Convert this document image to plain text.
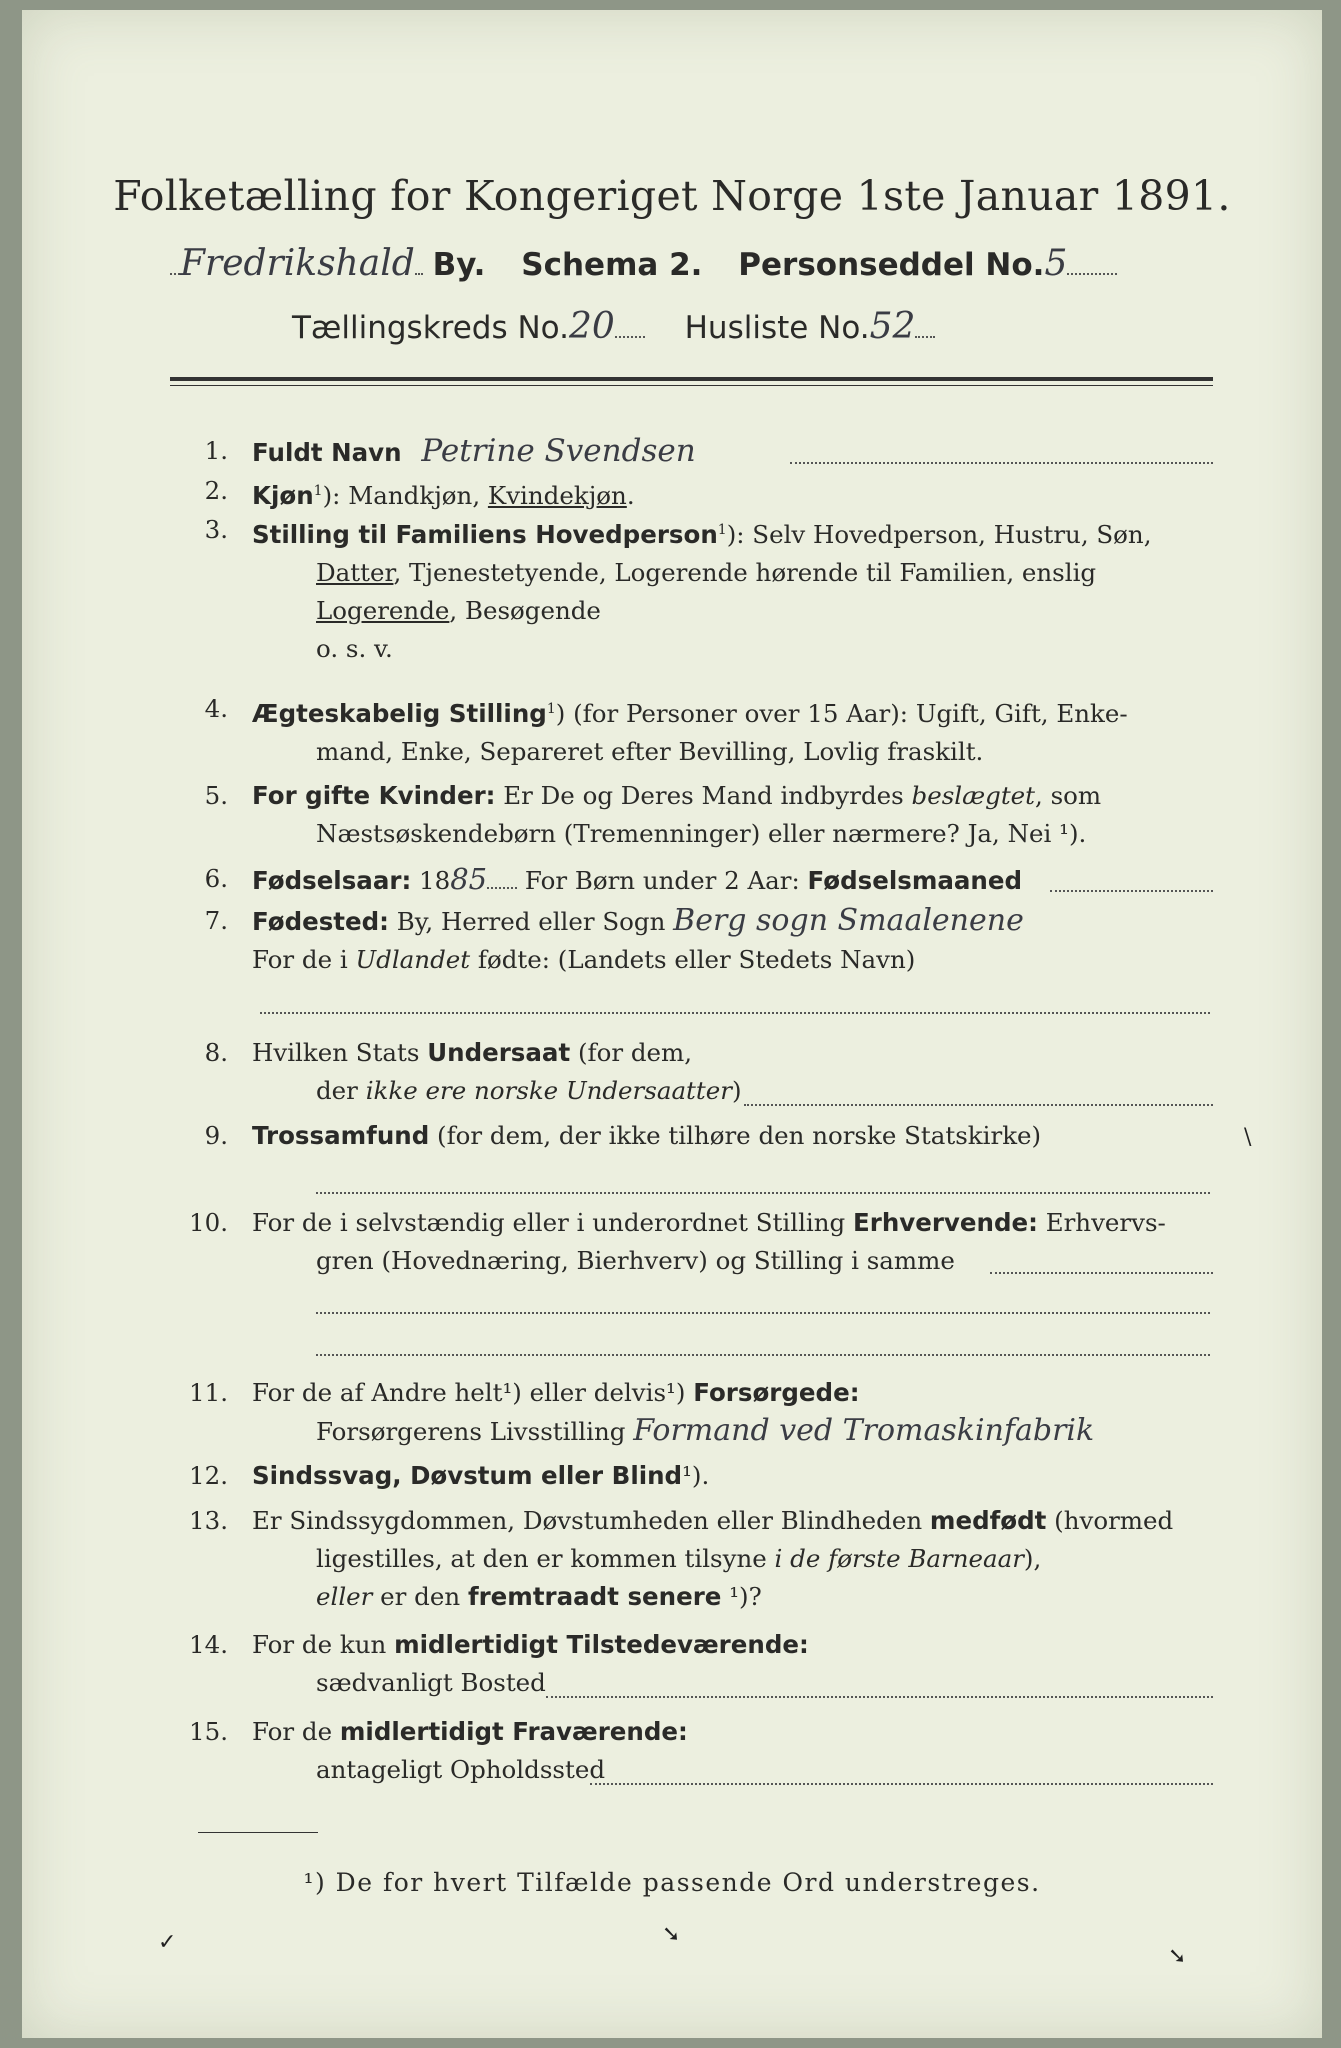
Folketælling for Kongeriget Norge 1ste Januar 1891.
Fredrikshald By. Schema 2. Personseddel No.5
Tællingskreds No.20 Husliste No.52
1. Fuldt Navn Petrine Svendsen
2. Kjøn$^1$): Mandkjøn, Kvindekjøn.
3. Stilling til Familiens Hovedperson$^1$): Selv Hovedperson, Hustru, Søn,
Datter, Tjenestetyende, Logerende hørende til Familien, enslig
Logerende, Besøgende
o. s. v.
4. Ægteskabelig Stilling$^1$) (for Personer over 15 Aar): Ugift, Gift, Enke-
mand, Enke, Separeret efter Bevilling, Lovlig fraskilt.
5. For gifte Kvinder: Er De og Deres Mand indbyrdes beslægtet, som
Næstsøskendebørn (Tremenninger) eller nærmere? Ja, Nei ¹).
6. Fødselsaar: 1885 For Børn under 2 Aar: Fødselsmaaned
7. Fødested: By, Herred eller Sogn Berg sogn Smaalenene
For de i Udlandet fødte: (Landets eller Stedets Navn)
8. Hvilken Stats Undersaat (for dem,
der ikke ere norske Undersaatter)
9. Trossamfund (for dem, der ikke tilhøre den norske Statskirke)
10. For de i selvstændig eller i underordnet Stilling Erhvervende: Erhvervs-
gren (Hovednæring, Bierhverv) og Stilling i samme
11. For de af Andre helt¹) eller delvis¹) Forsørgede:
Forsørgerens Livsstilling Formand ved Tromaskinfabrik
12. Sindssvag, Døvstum eller Blind¹).
13. Er Sindssygdommen, Døvstumheden eller Blindheden medfødt (hvormed
ligestilles, at den er kommen tilsyne i de første Barneaar),
eller er den fremtraadt senere ¹)?
14. For de kun midlertidigt Tilstedeværende:
sædvanligt Bosted
15. For de midlertidigt Fraværende:
antageligt Opholdssted
¹) De for hvert Tilfælde passende Ord understreges.
✓	➘
➘
\
